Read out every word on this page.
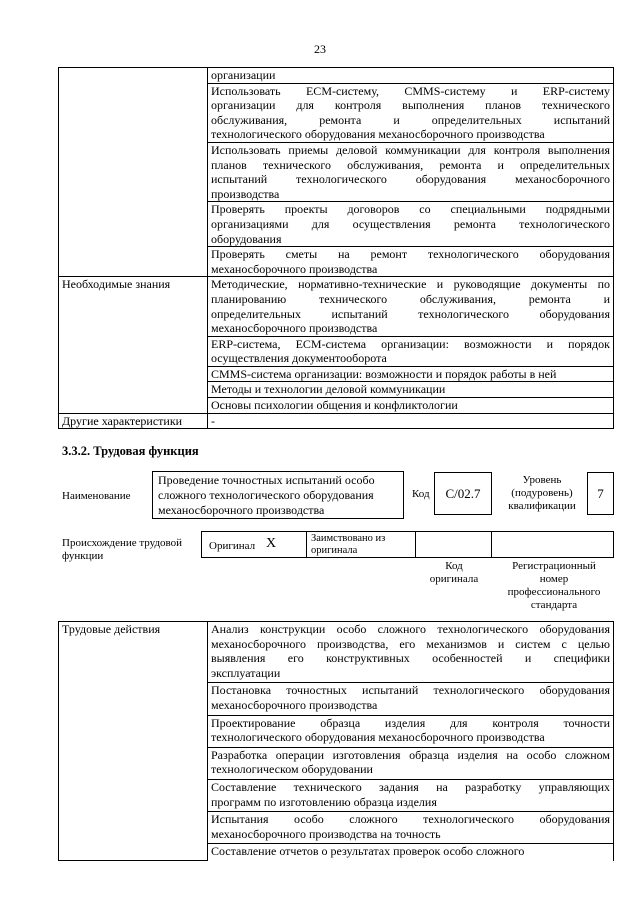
23

	организации

	Использовать ECM-систему, CMMS-систему и ERP-систему
организации для контроля выполнения планов технического
обслуживания, ремонта и определительных испытаний
технологического оборудования механосборочного производства

	Использовать приемы деловой коммуникации для контроля выполнения
планов технического обслуживания, ремонта и определительных
испытаний технологического оборудования механосборочного
производства

	Проверять проекты договоров со специальными подрядными
организациями для осуществления ремонта технологического
оборудования

	Проверять сметы на ремонт технологического оборудования
механосборочного производства

Необходимые знания	Методические, нормативно-технические и руководящие документы по
планированию технического обслуживания, ремонта и
определительных испытаний технологического оборудования
механосборочного производства

	ERP-система, ECM-система организации: возможности и порядок
осуществления документооборота

	CMMS-система организации: возможности и порядок работы в ней

	Методы и технологии деловой коммуникации

	Основы психологии общения и конфликтологии

Другие характеристики	-
3.3.2. Трудовая функция
Наименование
Проведение точностных испытаний особо
сложного технологического оборудования
механосборочного производства
Код	C/02.7
Уровень
(подуровень)
квалификации
7
Происхождение трудовой
функции
Оригинал X	Заимствовано из
оригинала
Код
оригинала
Регистрационный
номер
профессионального
стандарта
Трудовые действия	Анализ конструкции особо сложного технологического оборудования
механосборочного производства, его механизмов и систем с целью
выявления его конструктивных особенностей и специфики
эксплуатации

Постановка точностных испытаний технологического оборудования
механосборочного производства

Проектирование образца изделия для контроля точности
технологического оборудования механосборочного производства

Разработка операции изготовления образца изделия на особо сложном
технологическом оборудовании

Составление технического задания на разработку управляющих
программ по изготовлению образца изделия

Испытания особо сложного технологического оборудования
механосборочного производства на точность

Составление отчетов о результатах проверок особо сложного
